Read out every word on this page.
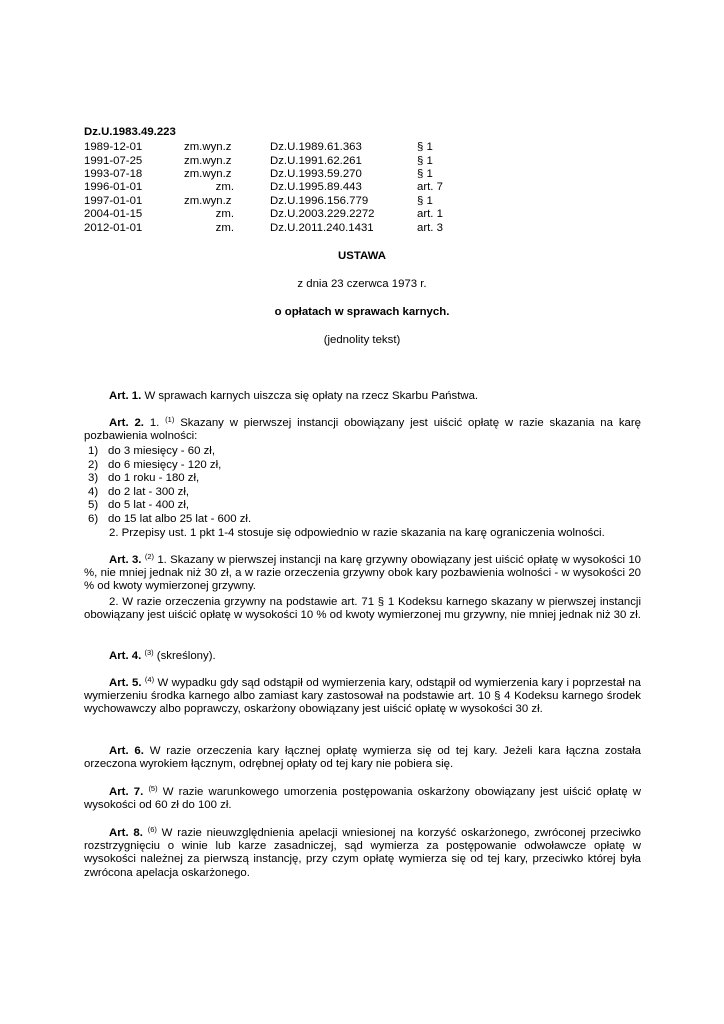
Dz.U.1983.49.223
1989-12-01	zm.wyn.z	Dz.U.1989.61.363	§ 1
1991-07-25	zm.wyn.z	Dz.U.1991.62.261	§ 1
1993-07-18	zm.wyn.z	Dz.U.1993.59.270	§ 1
1996-01-01	zm.	Dz.U.1995.89.443	art. 7
1997-01-01	zm.wyn.z	Dz.U.1996.156.779	§ 1
2004-01-15	zm.	Dz.U.2003.229.2272	art. 1
2012-01-01	zm.	Dz.U.2011.240.1431	art. 3
USTAWA
z dnia 23 czerwca 1973 r.
o opłatach w sprawach karnych.
(jednolity tekst)
Art. 1. W sprawach karnych uiszcza się opłaty na rzecz Skarbu Państwa.
Art. 2. 1. $^{(1)}$ Skazany w pierwszej instancji obowiązany jest uiścić opłatę w razie skazania na karę pozbawienia wolności:
1) do 3 miesięcy - 60 zł,
2) do 6 miesięcy - 120 zł,
3) do 1 roku - 180 zł,
4) do 2 lat - 300 zł,
5) do 5 lat - 400 zł,
6) do 15 lat albo 25 lat - 600 zł.
2. Przepisy ust. 1 pkt 1-4 stosuje się odpowiednio w razie skazania na karę ograniczenia wolności.
Art. 3. $^{(2)}$ 1. Skazany w pierwszej instancji na karę grzywny obowiązany jest uiścić opłatę w wysokości 10 %, nie mniej jednak niż 30 zł, a w razie orzeczenia grzywny obok kary pozbawienia wolności - w wysokości 20 % od kwoty wymierzonej grzywny.
2. W razie orzeczenia grzywny na podstawie art. 71 § 1 Kodeksu karnego skazany w pierwszej instancji obowiązany jest uiścić opłatę w wysokości 10 % od kwoty wymierzonej mu grzywny, nie mniej jednak niż 30 zł.
Art. 4. $^{(3)}$ (skreślony).
Art. 5. $^{(4)}$ W wypadku gdy sąd odstąpił od wymierzenia kary, odstąpił od wymierzenia kary i poprzestał na wymierzeniu środka karnego albo zamiast kary zastosował na podstawie art. 10 § 4 Kodeksu karnego środek wychowawczy albo poprawczy, oskarżony obowiązany jest uiścić opłatę w wysokości 30 zł.
Art. 6. W razie orzeczenia kary łącznej opłatę wymierza się od tej kary. Jeżeli kara łączna została orzeczona wyrokiem łącznym, odrębnej opłaty od tej kary nie pobiera się.
Art. 7. $^{(5)}$ W razie warunkowego umorzenia postępowania oskarżony obowiązany jest uiścić opłatę w wysokości od 60 zł do 100 zł.
Art. 8. $^{(6)}$ W razie nieuwzględnienia apelacji wniesionej na korzyść oskarżonego, zwróconej przeciwko rozstrzygnięciu o winie lub karze zasadniczej, sąd wymierza za postępowanie odwoławcze opłatę w wysokości należnej za pierwszą instancję, przy czym opłatę wymierza się od tej kary, przeciwko której była zwrócona apelacja oskarżonego.
